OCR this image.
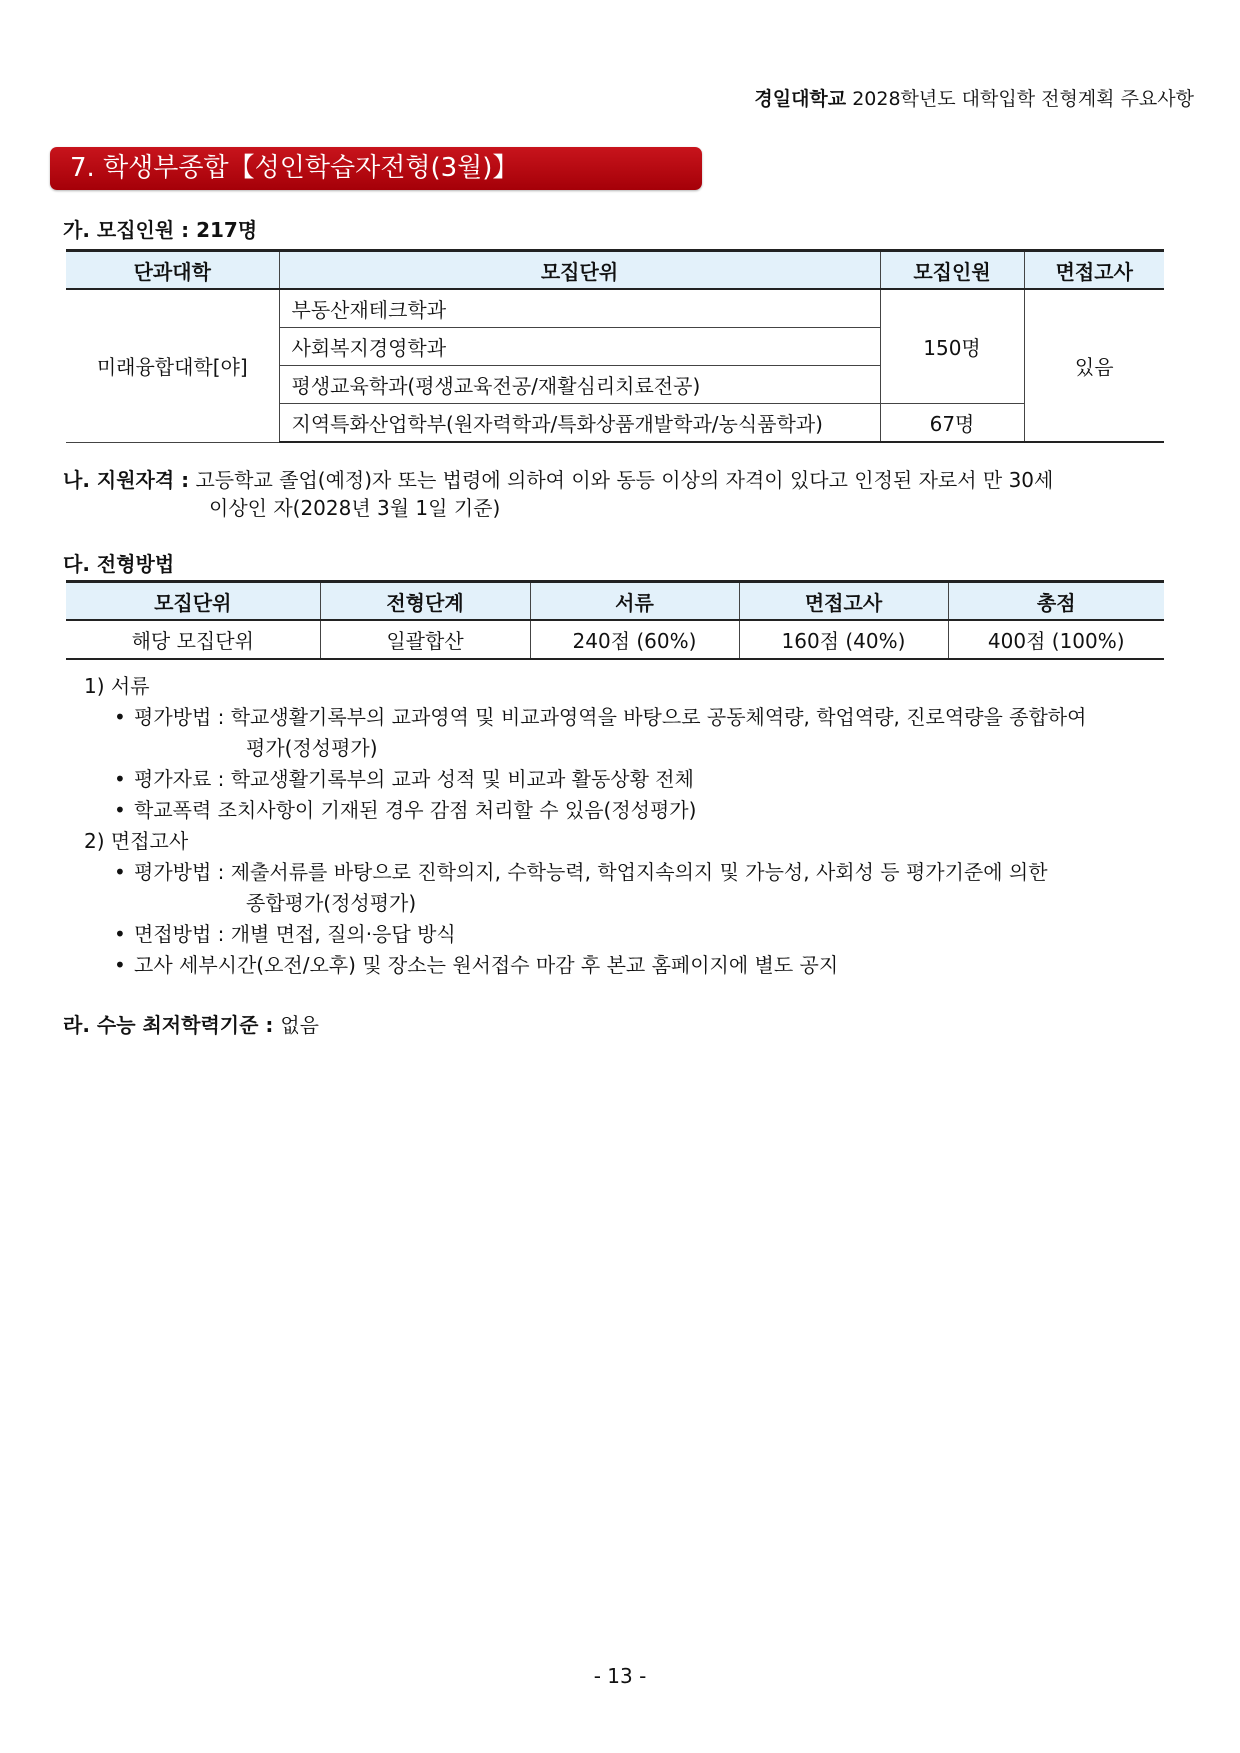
경일대학교 2028학년도 대학입학 전형계획 주요사항
7. 학생부종합【성인학습자전형(3월)】
가. 모집인원 : 217명
단과대학	모집단위	모집인원	면접고사
미래융합대학[야]	부동산재테크학과	150명	있음
	사회복지경영학과		
	평생교육학과(평생교육전공/재활심리치료전공)		
	지역특화산업학부(원자력학과/특화상품개발학과/농식품학과)	67명	
나. 지원자격 : 고등학교 졸업(예정)자 또는 법령에 의하여 이와 동등 이상의 자격이 있다고 인정된 자로서 만 30세
이상인 자(2028년 3월 1일 기준)
다. 전형방법
모집단위	전형단계	서류	면접고사	총점
해당 모집단위	일괄합산	240점 (60%)	160점 (40%)	400점 (100%)
1) 서류
• 평가방법 : 학교생활기록부의 교과영역 및 비교과영역을 바탕으로 공동체역량, 학업역량, 진로역량을 종합하여
평가(정성평가)
• 평가자료 : 학교생활기록부의 교과 성적 및 비교과 활동상황 전체
• 학교폭력 조치사항이 기재된 경우 감점 처리할 수 있음(정성평가)
2) 면접고사
• 평가방법 : 제출서류를 바탕으로 진학의지, 수학능력, 학업지속의지 및 가능성, 사회성 등 평가기준에 의한
종합평가(정성평가)
• 면접방법 : 개별 면접, 질의·응답 방식
• 고사 세부시간(오전/오후) 및 장소는 원서접수 마감 후 본교 홈페이지에 별도 공지
라. 수능 최저학력기준 : 없음
- 13 -
